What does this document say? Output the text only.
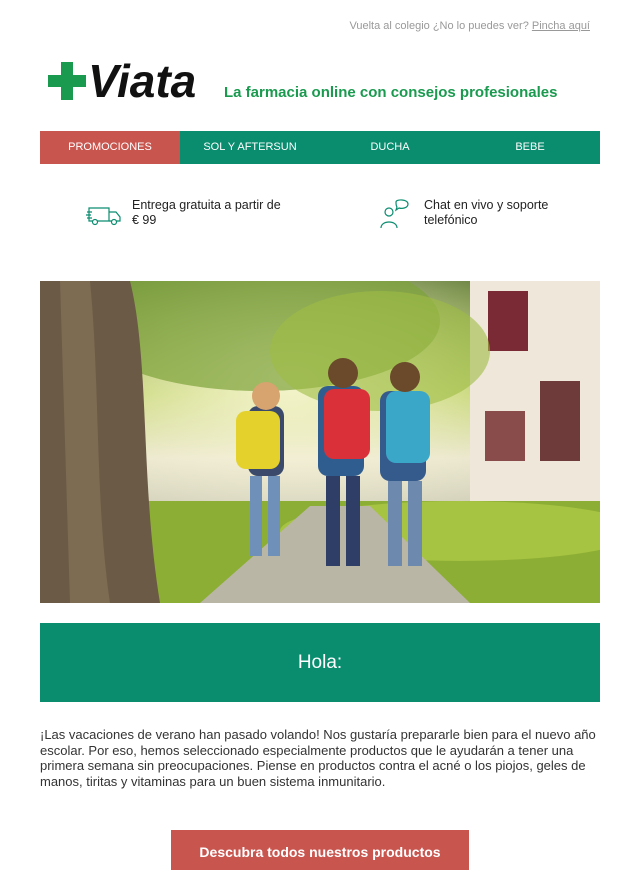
Vuelta al colegio ¿No lo puedes ver? Pincha aquí
Viata La farmacia online con consejos profesionales
PROMOCIONES	SOL Y AFTERSUN	DUCHA	BEBE
Entrega gratuita a partir de € 99
Chat en vivo y soporte telefónico
Hola:
¡Las vacaciones de verano han pasado volando! Nos gustaría prepararle bien para el nuevo año escolar. Por eso, hemos seleccionado especialmente productos que le ayudarán a tener una primera semana sin preocupaciones. Piense en productos contra el acné o los piojos, geles de manos, tiritas y vitaminas para un buen sistema inmunitario.
Descubra todos nuestros productos
